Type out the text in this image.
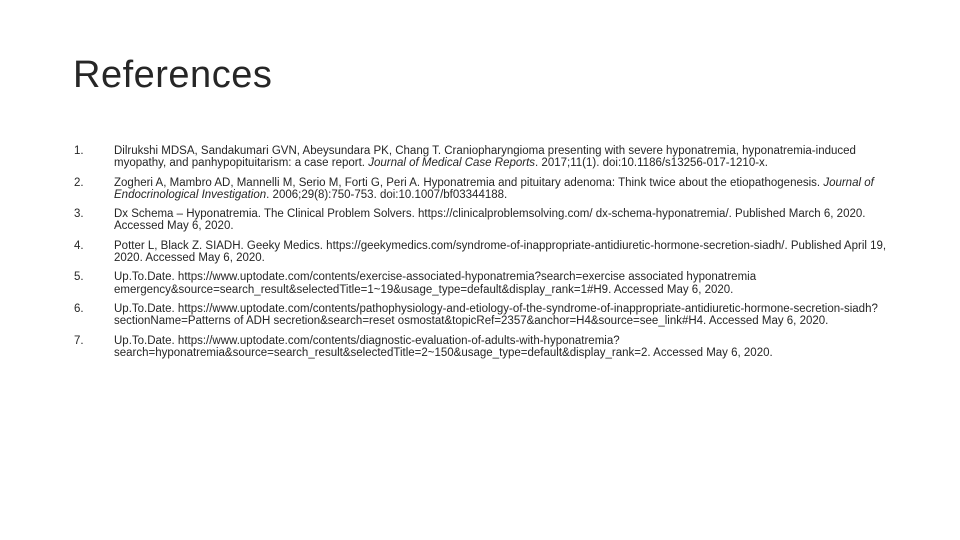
References
1.	Dilrukshi MDSA, Sandakumari GVN, Abeysundara PK, Chang T. Craniopharyngioma presenting with severe hyponatremia, hyponatremia-induced myopathy, and panhypopituitarism: a case report. Journal of Medical Case Reports. 2017;11(1). doi:10.1186/s13256-017-1210-x.
2.	Zogheri A, Mambro AD, Mannelli M, Serio M, Forti G, Peri A. Hyponatremia and pituitary adenoma: Think twice about the etiopathogenesis. Journal of Endocrinological Investigation. 2006;29(8):750-753. doi:10.1007/bf03344188.
3.	Dx Schema – Hyponatremia. The Clinical Problem Solvers. https://clinicalproblemsolving.com/ dx-schema-hyponatremia/. Published March 6, 2020. Accessed May 6, 2020.
4.	Potter L, Black Z. SIADH. Geeky Medics. https://geekymedics.com/syndrome-of-inappropriate-antidiuretic-hormone-secretion-siadh/. Published April 19, 2020. Accessed May 6, 2020.
5.	Up.To.Date. https://www.uptodate.com/contents/exercise-associated-hyponatremia?search=exercise associated hyponatremia emergency&source=search_result&selectedTitle=1~19&usage_type=default&display_rank=1#H9. Accessed May 6, 2020.
6.	Up.To.Date. https://www.uptodate.com/contents/pathophysiology-and-etiology-of-the-syndrome-of-inappropriate-antidiuretic-hormone-secretion-siadh?sectionName=Patterns of ADH secretion&search=reset osmostat&topicRef=2357&anchor=H4&source=see_link#H4. Accessed May 6, 2020.
7.	Up.To.Date. https://www.uptodate.com/contents/diagnostic-evaluation-of-adults-with-hyponatremia?search=hyponatremia&source=search_result&selectedTitle=2~150&usage_type=default&display_rank=2. Accessed May 6, 2020.
